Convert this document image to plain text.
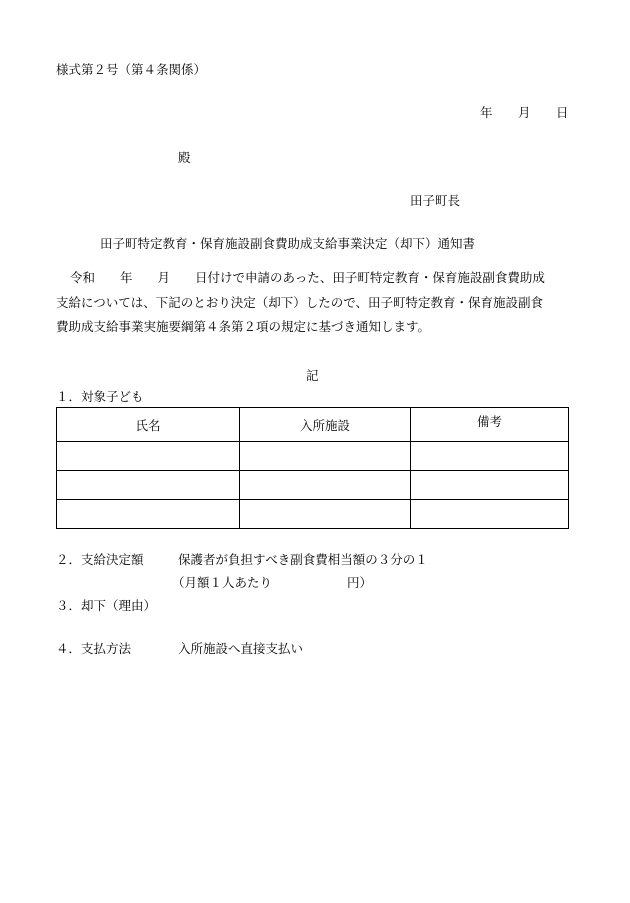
様式第２号（第４条関係）
年 月 日
殿
田子町長
田子町特定教育・保育施設副食費助成支給事業決定（却下）通知書
令和　　年　　月　　日付けで申請のあった、田子町特定教育・保育施設副食費助成
支給については、下記のとおり決定（却下）したので、田子町特定教育・保育施設副食
費助成支給事業実施要綱第４条第２項の規定に基づき通知します。
記
１．対象子ども
氏名	入所施設	備考

２．支給決定額	保護者が負担すべき副食費相当額の３分の１
（月額１人あたり　　　　　　円）
３．却下（理由）
４．支払方法	入所施設へ直接支払い
